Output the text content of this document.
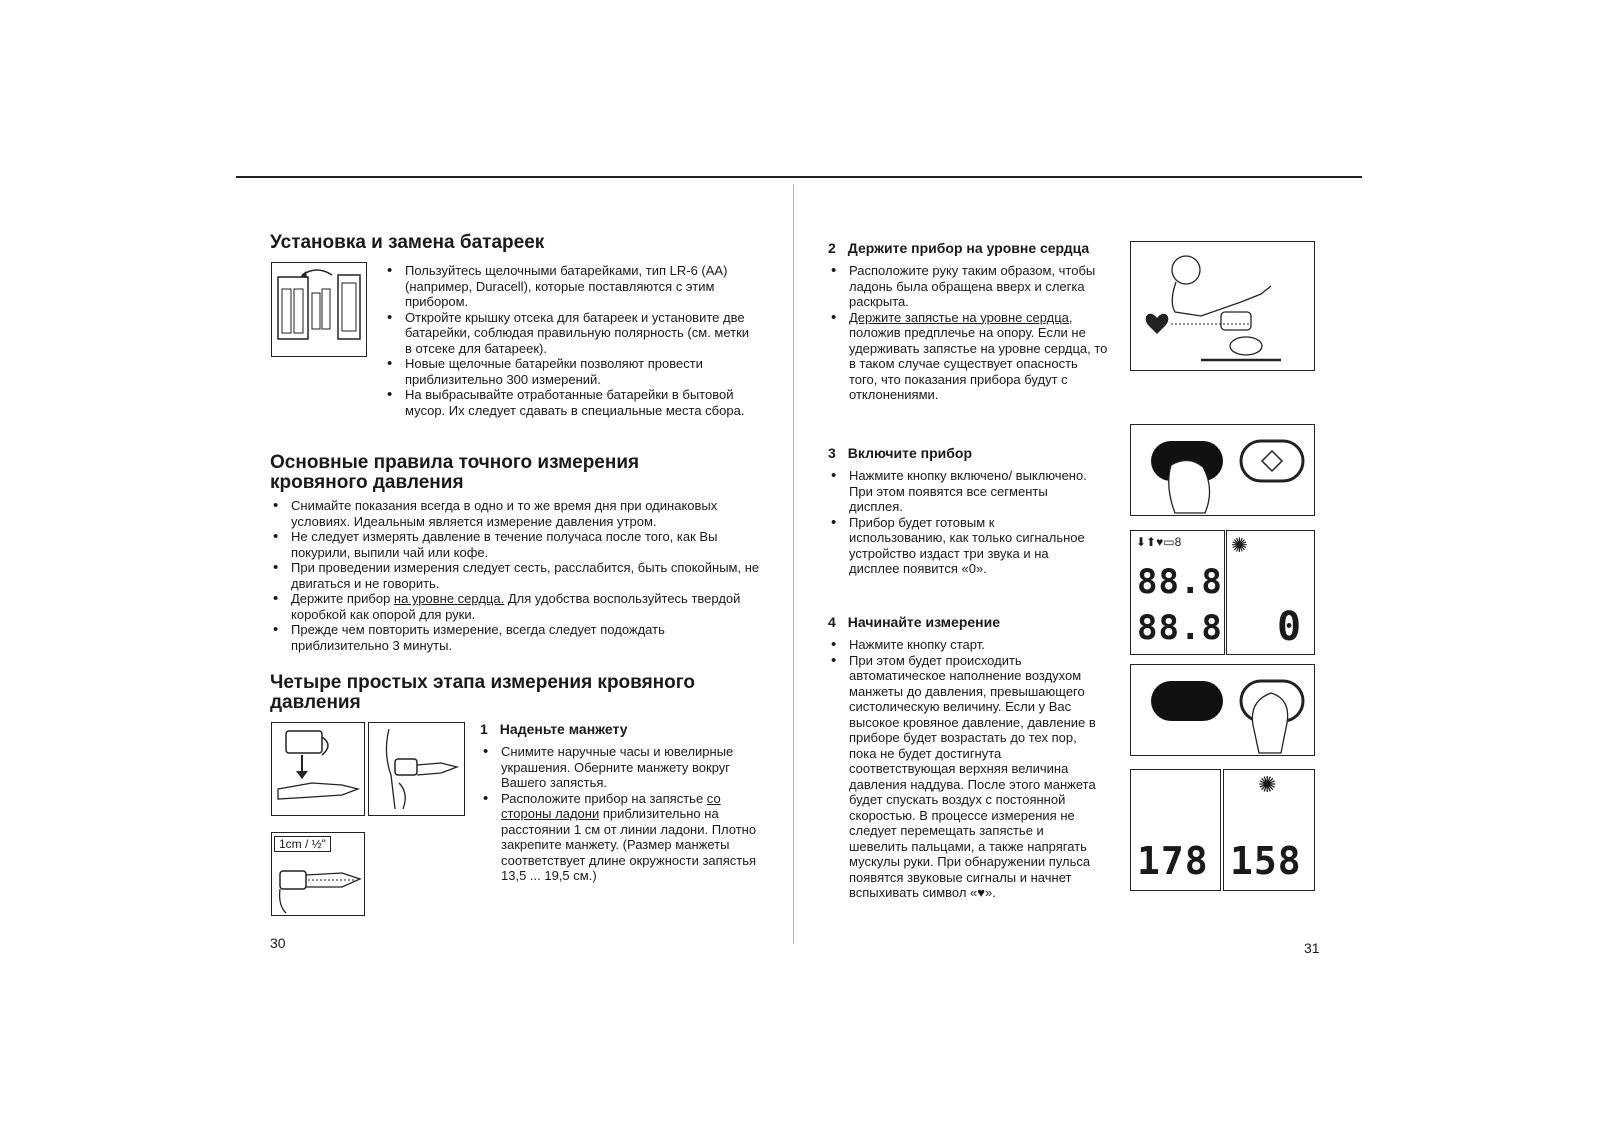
Установка и замена батареек
• Пользуйтесь щелочными батарейками, тип LR-6 (AA) (например, Duracell), которые поставляются с этим прибором.
• Откройте крышку отсека для батареек и установите две батарейки, соблюдая правильную полярность (см. метки в отсеке для батареек).
• Новые щелочные батарейки позволяют провести приблизительно 300 измерений.
• На выбрасывайте отработанные батарейки в бытовой мусор. Их следует сдавать в специальные места сбора.
Основные правила точного измерения кровяного давления
• Снимайте показания всегда в одно и то же время дня при одинаковых условиях. Идеальным является измерение давления утром.
• Не следует измерять давление в течение получаса после того, как Вы покурили, выпили чай или кофе.
• При проведении измерения следует сесть, расслабится, быть спокойным, не двигаться и не говорить.
• Держите прибор на уровне сердца. Для удобства воспользуйтесь твердой коробкой как опорой для руки.
• Прежде чем повторить измерение, всегда следует подождать приблизительно 3 минуты.
Четыре простых этапа измерения кровяного давления
1cm / ½"
1 Наденьте манжету
• Снимите наручные часы и ювелирные украшения. Оберните манжету вокруг Вашего запястья.
• Расположите прибор на запястье со стороны ладони приблизительно на расстоянии 1 см от линии ладони. Плотно закрепите манжету. (Размер манжеты соответствует длине окружности запястья 13,5 ... 19,5 см.)
30
2 Держите прибор на уровне сердца
• Расположите руку таким образом, чтобы ладонь была обращена вверх и слегка раскрыта.
• Держите запястье на уровне сердца, положив предплечье на опору. Если не удерживать запястье на уровне сердца, то в таком случае существует опасность того, что показания прибора будут с отклонениями.
3 Включите прибор
• Нажмите кнопку включено/ выключено. При этом появятся все сегменты дисплея.
• Прибор будет готовым к использованию, как только сигнальное устройство издаст три звука и на дисплее появится «0».
4 Начинайте измерение
• Нажмите кнопку старт.
• При этом будет происходить автоматическое наполнение воздухом манжеты до давления, превышающего систолическую величину. Если у Вас высокое кровяное давление, давление в приборе будет возрастать до тех пор, пока не будет достигнута соответствующая верхняя величина давления наддува. После этого манжета будет спускать воздух с постоянной скоростью. В процессе измерения не следует перемещать запястье и шевелить пальцами, а также напрягать мускулы руки. При обнаружении пульса появятся звуковые сигналы и начнет вспыхивать символ «♥».
⬇⬆♥▭8
88.8
88.8
✺
0
178
✺
158
31
